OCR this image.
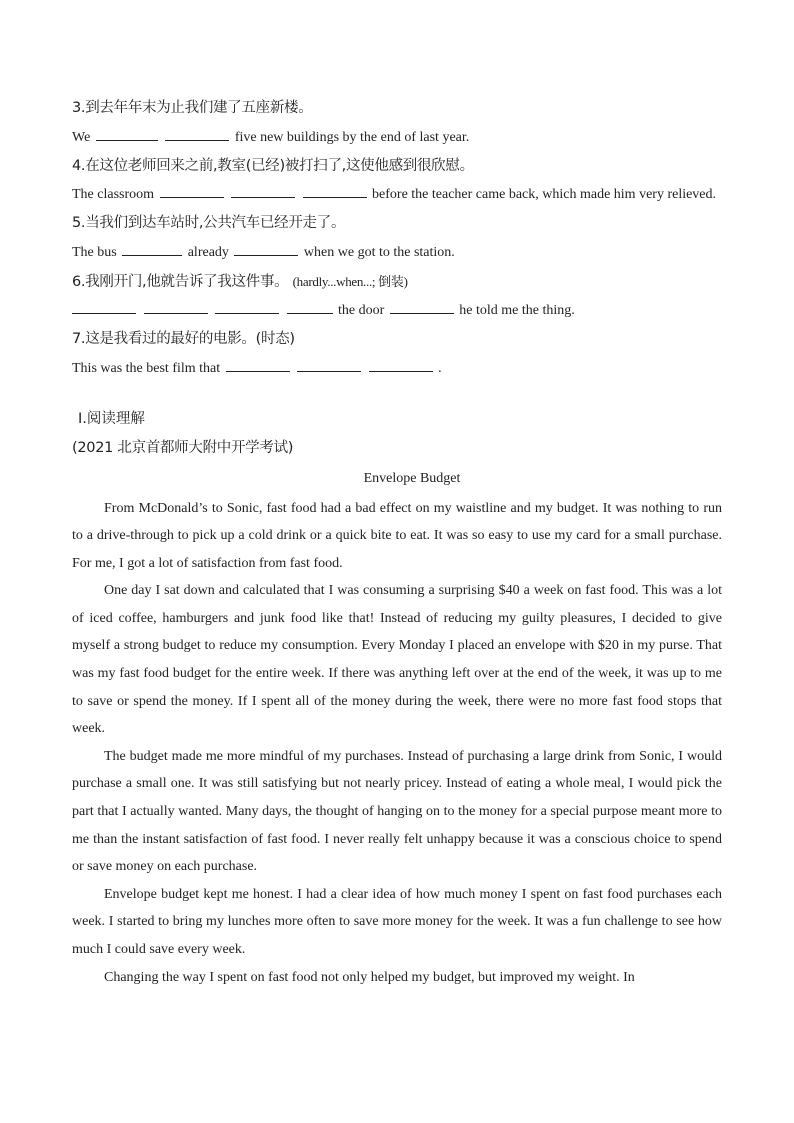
3.到去年年末为止我们建了五座新楼。
We	five new buildings by the end of last year.
4.在这位老师回来之前,教室(已经)被打扫了,这使他感到很欣慰。
The classroom	before the teacher came back, which made him very relieved.
5.当我们到达车站时,公共汽车已经开走了。
The bus	already	when we got to the station.
6.我刚开门,他就告诉了我这件事。 (hardly...when...; 倒装)
the door	he told me the thing.
7.这是我看过的最好的电影。(时态)
This was the best film that	.
Ⅰ.阅读理解
(2021 北京首都师大附中开学考试)
Envelope Budget

From McDonald’s to Sonic, fast food had a bad effect on my waistline and my budget. It was nothing to run to a drive-through to pick up a cold drink or a quick bite to eat. It was so easy to use my card for a small purchase. For me, I got a lot of satisfaction from fast food.

One day I sat down and calculated that I was consuming a surprising $40 a week on fast food. This was a lot of iced coffee, hamburgers and junk food like that! Instead of reducing my guilty pleasures, I decided to give myself a strong budget to reduce my consumption. Every Monday I placed an envelope with $20 in my purse. That was my fast food budget for the entire week. If there was anything left over at the end of the week, it was up to me to save or spend the money. If I spent all of the money during the week, there were no more fast food stops that week.

The budget made me more mindful of my purchases. Instead of purchasing a large drink from Sonic, I would purchase a small one. It was still satisfying but not nearly pricey. Instead of eating a whole meal, I would pick the part that I actually wanted. Many days, the thought of hanging on to the money for a special purpose meant more to me than the instant satisfaction of fast food. I never really felt unhappy because it was a conscious choice to spend or save money on each purchase.

Envelope budget kept me honest. I had a clear idea of how much money I spent on fast food purchases each week. I started to bring my lunches more often to save more money for the week. It was a fun challenge to see how much I could save every week.

Changing the way I spent on fast food not only helped my budget, but improved my weight. In
